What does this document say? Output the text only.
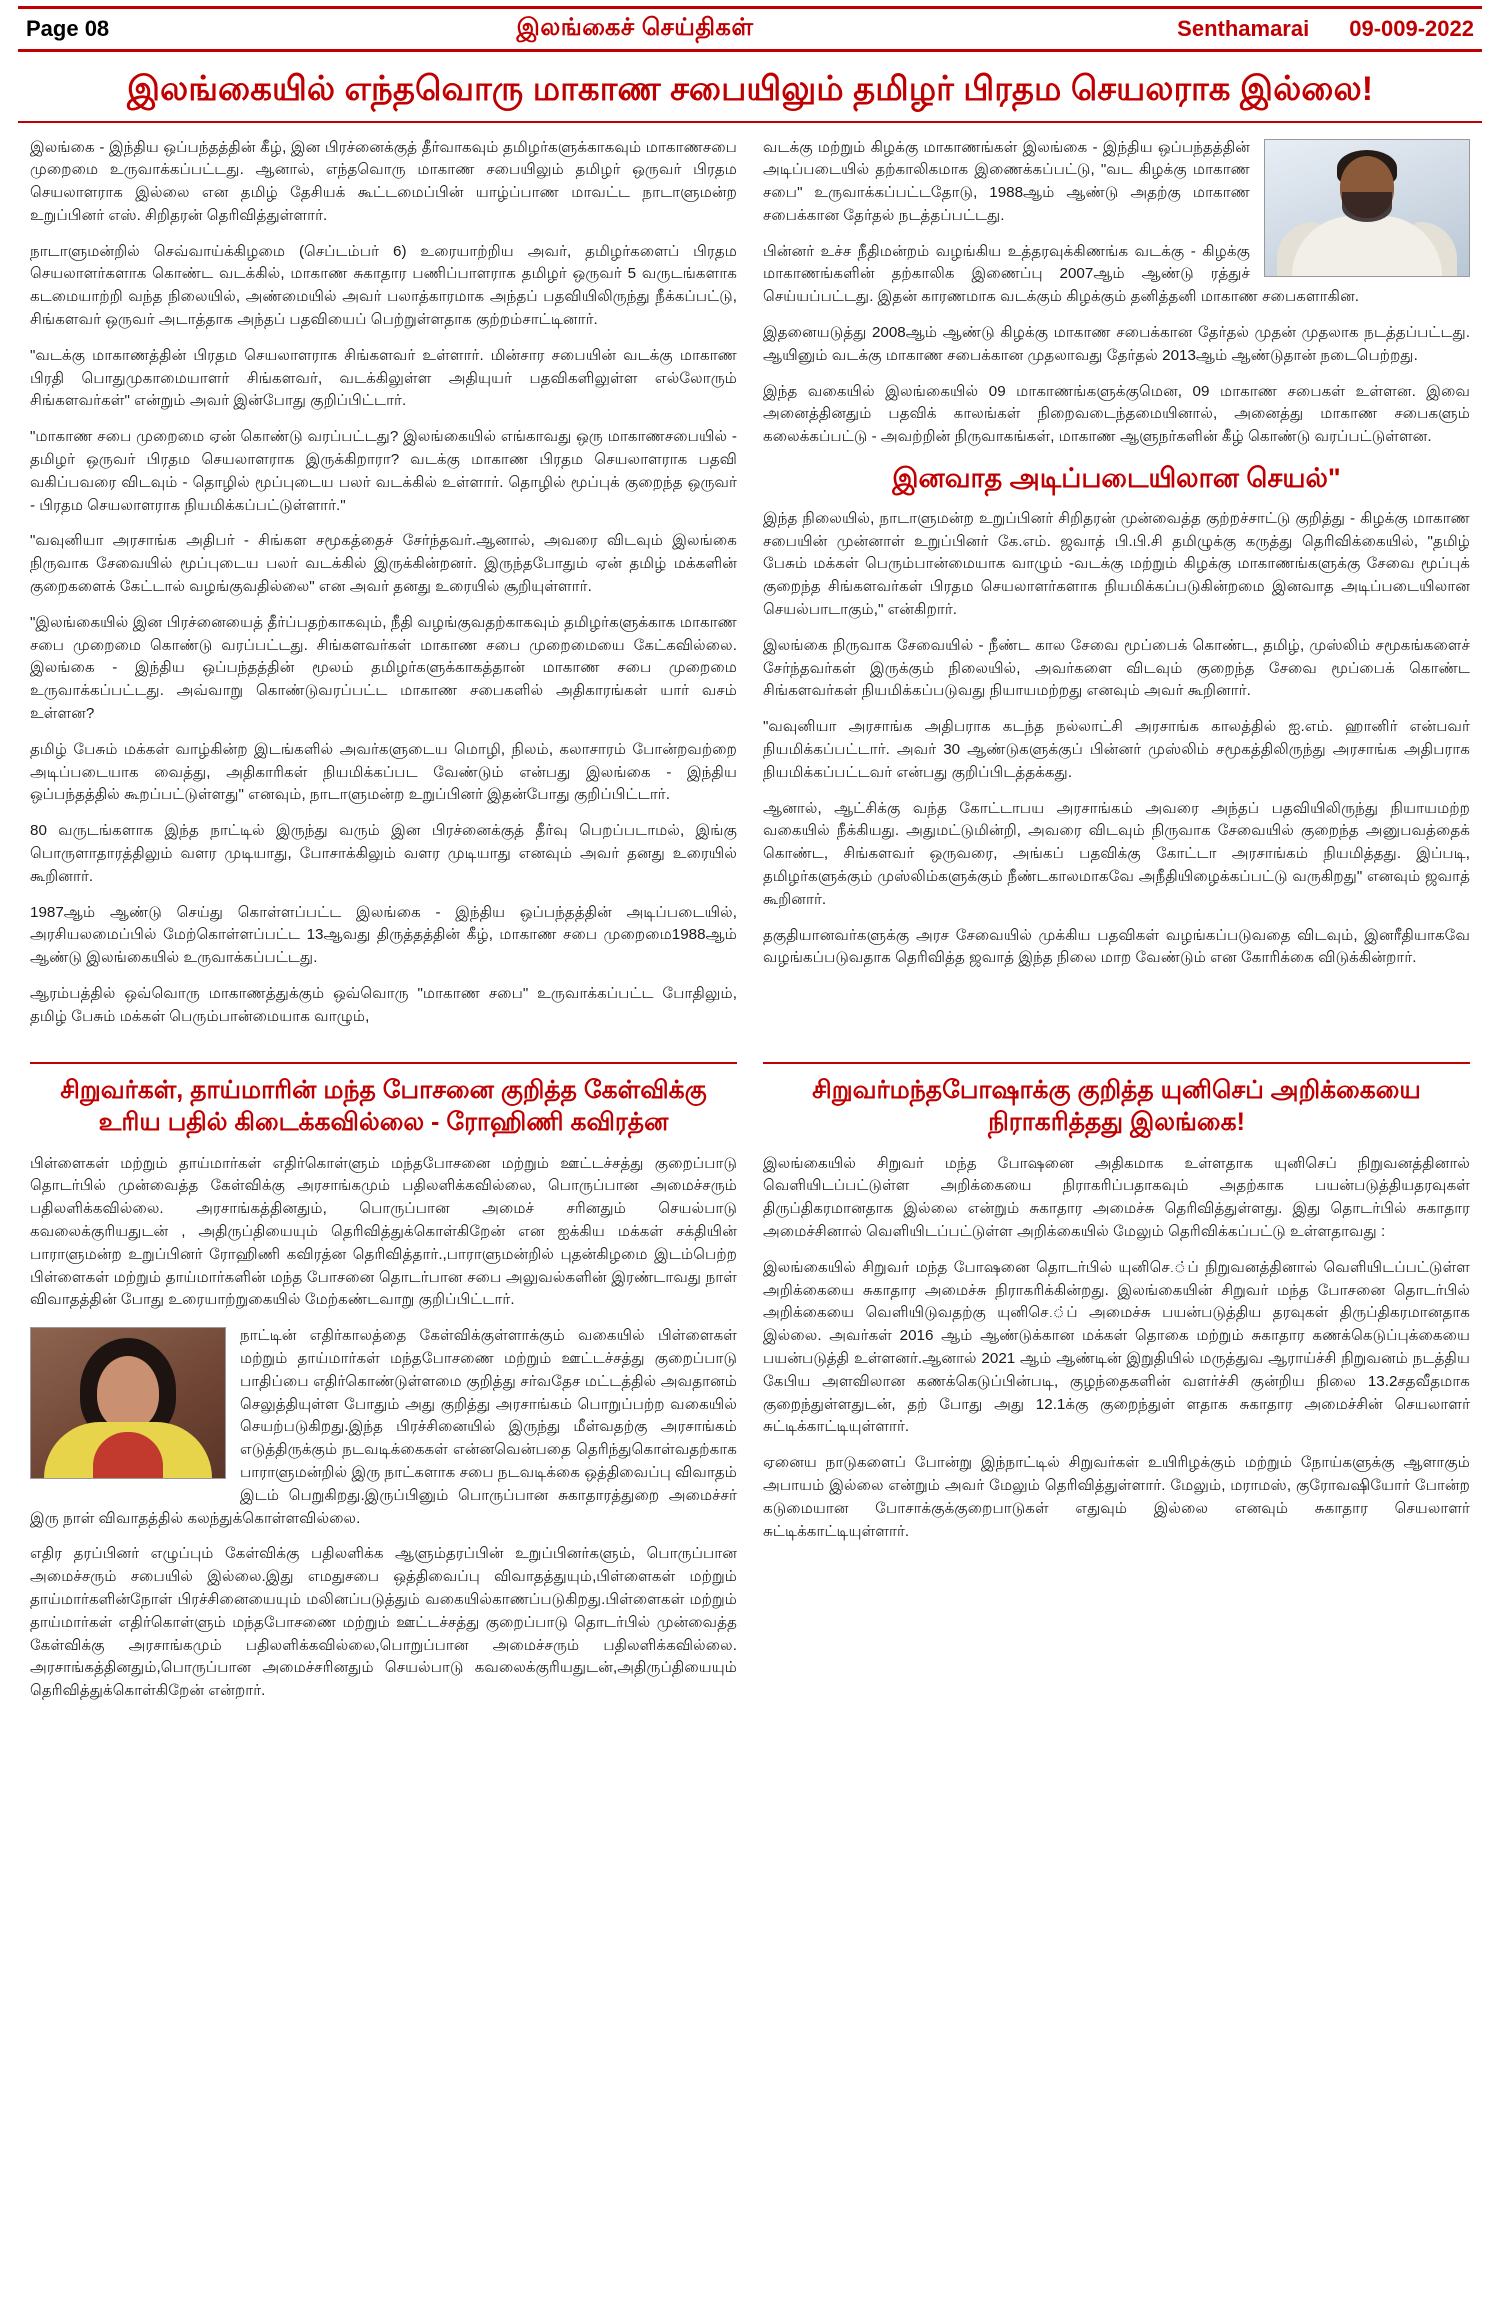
Page 08	இலங்கைச் செய்திகள்	Senthamarai 09-009-2022
இலங்கையில் எந்தவொரு மாகாண சபையிலும் தமிழர் பிரதம செயலராக இல்லை!

இலங்கை - இந்திய ஒப்பந்தத்தின் கீழ், இன பிரச்னைக்குத் தீர்வாகவும் தமிழர்களுக்காகவும் மாகாணசபை முறைமை உருவாக்கப்பட்டது. ஆனால், எந்தவொரு மாகாண சபையிலும் தமிழர் ஒருவர் பிரதம செயலாளராக இல்லை என தமிழ் தேசியக் கூட்டமைப்பின் யாழ்ப்பாண மாவட்ட நாடாளுமன்ற உறுப்பினர் எஸ். சிறிதரன் தெரிவித்துள்ளார்.

நாடாளுமன்றில் செவ்வாய்க்கிழமை (செப்டம்பர் 6) உரையாற்றிய அவர், தமிழர்களைப் பிரதம செயலாளர்களாக கொண்ட வடக்கில், மாகாண சுகாதார பணிப்பாளராக தமிழர் ஒருவர் 5 வருடங்களாக கடமையாற்றி வந்த நிலையில், அண்மையில் அவர் பலாத்காரமாக அந்தப் பதவியிலிருந்து நீக்கப்பட்டு, சிங்களவர் ஒருவர் அடாத்தாக அந்தப் பதவியைப் பெற்றுள்ளதாக குற்றம்சாட்டினார்.

"வடக்கு மாகாணத்தின் பிரதம செயலாளராக சிங்களவர் உள்ளார். மின்சார சபையின் வடக்கு மாகாண பிரதி பொதுமுகாமையாளர் சிங்களவர், வடக்கிலுள்ள அதியுயர் பதவிகளிலுள்ள எல்லோரும் சிங்களவர்கள்" என்றும் அவர் இன்போது குறிப்பிட்டார்.

"மாகாண சபை முறைமை ஏன் கொண்டு வரப்பட்டது? இலங்கையில் எங்காவது ஒரு மாகாணசபையில் - தமிழர் ஒருவர் பிரதம செயலாளராக இருக்கிறாரா? வடக்கு மாகாண பிரதம செயலாளராக பதவி வகிப்பவரை விடவும் - தொழில் மூப்புடைய பலர் வடக்கில் உள்ளார். தொழில் மூப்புக் குறைந்த ஒருவர் - பிரதம செயலாளராக நியமிக்கப்பட்டுள்ளார்."

"வவுனியா அரசாங்க அதிபர் - சிங்கள சமூகத்தைச் சேர்ந்தவர்.ஆனால், அவரை விடவும் இலங்கை நிருவாக சேவையில் மூப்புடைய பலர் வடக்கில் இருக்கின்றனர். இருந்தபோதும் ஏன் தமிழ் மக்களின் குறைகளைக் கேட்டால் வழங்குவதில்லை" என அவர் தனது உரையில் சூறியுள்ளார்.

"இலங்கையில் இன பிரச்னையைத் தீர்ப்பதற்காகவும், நீதி வழங்குவதற்காகவும் தமிழர்களுக்காக மாகாண சபை முறைமை கொண்டு வரப்பட்டது. சிங்களவர்கள் மாகாண சபை முறைமையை கேட்கவில்லை. இலங்கை - இந்திய ஒப்பந்தத்தின் மூலம் தமிழர்களுக்காகத்தான் மாகாண சபை முறைமை உருவாக்கப்பட்டது. அவ்வாறு கொண்டுவரப்பட்ட மாகாண சபைகளில் அதிகாரங்கள் யார் வசம் உள்ளன?

தமிழ் பேசும் மக்கள் வாழ்கின்ற இடங்களில் அவர்களுடைய மொழி, நிலம், கலாசாரம் போன்றவற்றை அடிப்படையாக வைத்து, அதிகாரிகள் நியமிக்கப்பட வேண்டும் என்பது இலங்கை - இந்திய ஒப்பந்தத்தில் கூறப்பட்டுள்ளது" எனவும், நாடாளுமன்ற உறுப்பினர் இதன்போது குறிப்பிட்டார்.

80 வருடங்களாக இந்த நாட்டில் இருந்து வரும் இன பிரச்னைக்குத் தீர்வு பெறப்படாமல், இங்கு பொருளாதாரத்திலும் வளர முடியாது, போசாக்கிலும் வளர முடியாது எனவும் அவர் தனது உரையில் கூறினார்.

1987ஆம் ஆண்டு செய்து கொள்ளப்பட்ட இலங்கை - இந்திய ஒப்பந்தத்தின் அடிப்படையில், அரசியலமைப்பில் மேற்கொள்ளப்பட்ட 13ஆவது திருத்தத்தின் கீழ், மாகாண சபை முறைமை1988ஆம் ஆண்டு இலங்கையில் உருவாக்கப்பட்டது.

ஆரம்பத்தில் ஒவ்வொரு மாகாணத்துக்கும் ஒவ்வொரு "மாகாண சபை" உருவாக்கப்பட்ட போதிலும், தமிழ் பேசும் மக்கள் பெரும்பான்மையாக வாழும்,

வடக்கு மற்றும் கிழக்கு மாகாணங்கள் இலங்கை - இந்திய ஒப்பந்தத்தின் அடிப்படையில் தற்காலிகமாக இணைக்கப்பட்டு, "வட கிழக்கு மாகாண சபை" உருவாக்கப்பட்டதோடு, 1988ஆம் ஆண்டு அதற்கு மாகாண சபைக்கான தேர்தல் நடத்தப்பட்டது.

பின்னர் உச்ச நீதிமன்றம் வழங்கிய உத்தரவுக்கிணங்க வடக்கு - கிழக்கு மாகாணங்களின் தற்காலிக இணைப்பு 2007ஆம் ஆண்டு ரத்துச் செய்யப்பட்டது. இதன் காரணமாக வடக்கும் கிழக்கும் தனித்தனி மாகாண சபைகளாகின.

இதனையடுத்து 2008ஆம் ஆண்டு கிழக்கு மாகாண சபைக்கான தேர்தல் முதன் முதலாக நடத்தப்பட்டது. ஆயினும் வடக்கு மாகாண சபைக்கான முதலாவது தேர்தல் 2013ஆம் ஆண்டுதான் நடைபெற்றது.

இந்த வகையில் இலங்கையில் 09 மாகாணங்களுக்குமென, 09 மாகாண சபைகள் உள்ளன. இவை அனைத்தினதும் பதவிக் காலங்கள் நிறைவடைந்தமையினால், அனைத்து மாகாண சபைகளும் கலைக்கப்பட்டு - அவற்றின் நிருவாகங்கள், மாகாண ஆளுநர்களின் கீழ் கொண்டு வரப்பட்டுள்ளன.

இனவாத அடிப்படையிலான செயல்"

இந்த நிலையில், நாடாளுமன்ற உறுப்பினர் சிறிதரன் முன்வைத்த குற்றச்சாட்டு குறித்து - கிழக்கு மாகாண சபையின் முன்னாள் உறுப்பினர் கே.எம். ஜவாத் பி.பி.சி தமிழுக்கு கருத்து தெரிவிக்கையில், "தமிழ் பேசும் மக்கள் பெரும்பான்மையாக வாழும் -வடக்கு மற்றும் கிழக்கு மாகாணங்களுக்கு சேவை மூப்புக் குறைந்த சிங்களவர்கள் பிரதம செயலாளர்களாக நியமிக்கப்படுகின்றமை இனவாத அடிப்படையிலான செயல்பாடாகும்," என்கிறார்.

இலங்கை நிருவாக சேவையில் - நீண்ட கால சேவை மூப்பைக் கொண்ட, தமிழ், முஸ்லிம் சமூகங்களைச் சேர்ந்தவர்கள் இருக்கும் நிலையில், அவர்களை விடவும் குறைந்த சேவை மூப்பைக் கொண்ட சிங்களவர்கள் நியமிக்கப்படுவது நியாயமற்றது எனவும் அவர் கூறினார்.

"வவுனியா அரசாங்க அதிபராக கடந்த நல்லாட்சி அரசாங்க காலத்தில் ஐ.எம். ஹானிர் என்பவர் நியமிக்கப்பட்டார். அவர் 30 ஆண்டுகளுக்குப் பின்னர் முஸ்லிம் சமூகத்திலிருந்து அரசாங்க அதிபராக நியமிக்கப்பட்டவர் என்பது குறிப்பிடத்தக்கது.

ஆனால், ஆட்சிக்கு வந்த கோட்டாபய அரசாங்கம் அவரை அந்தப் பதவியிலிருந்து நியாயமற்ற வகையில் நீக்கியது. அதுமட்டுமின்றி, அவரை விடவும் நிருவாக சேவையில் குறைந்த அனுபவத்தைக் கொண்ட, சிங்களவர் ஒருவரை, அங்கப் பதவிக்கு கோட்டா அரசாங்கம் நியமித்தது. இப்படி, தமிழர்களுக்கும் முஸ்லிம்களுக்கும் நீண்டகாலமாகவே அநீதியிழைக்கப்பட்டு வருகிறது" எனவும் ஜவாத் கூறினார்.

தகுதியானவர்களுக்கு அரச சேவையில் முக்கிய பதவிகள் வழங்கப்படுவதை விடவும், இனரீதியாகவே வழங்கப்படுவதாக தெரிவித்த ஜவாத் இந்த நிலை மாற வேண்டும் என கோரிக்கை விடுக்கின்றார்.

சிறுவர்கள், தாய்மாரின் மந்த போசனை குறித்த கேள்விக்கு உரிய பதில் கிடைக்கவில்லை - ரோஹிணி கவிரத்ன

பிள்ளைகள் மற்றும் தாய்மார்கள் எதிர்கொள்ளும் மந்தபோசனை மற்றும் ஊட்டச்சத்து குறைப்பாடு தொடர்பில் முன்வைத்த கேள்விக்கு அரசாங்கமும் பதிலளிக்கவில்லை, பொருப்பான அமைச்சரும் பதிலளிக்கவில்லை. அரசாங்கத்தினதும், பொருப்பான அமைச் சரினதும் செயல்பாடு கவலைக்குரியதுடன் , அதிருப்தியையும் தெரிவித்துக்கொள்கிறேன் என ஐக்கிய மக்கள் சக்தியின் பாராளுமன்ற உறுப்பினர் ரோஹிணி கவிரத்ன தெரிவித்தார்.,பாராளுமன்றில் புதன்கிழமை இடம்பெற்ற பிள்ளைகள் மற்றும் தாய்மார்களின் மந்த போசனை தொடர்பான சபை அலுவல்களின் இரண்டாவது நாள் விவாதத்தின் போது உரையாற்றுகையில் மேற்கண்டவாறு குறிப்பிட்டார்.

நாட்டின் எதிர்காலத்தை கேள்விக்குள்ளாக்கும் வகையில் பிள்ளைகள் மற்றும் தாய்மார்கள் மந்தபோசணை மற்றும் ஊட்டச்சத்து குறைப்பாடு பாதிப்பை எதிர்கொண்டுள்ளமை குறித்து சர்வதேச மட்டத்தில் அவதானம் செலுத்தியுள்ள போதும் அது குறித்து அரசாங்கம் பொறுப்பற்ற வகையில் செயற்படுகிறது.இந்த பிரச்சினையில் இருந்து மீள்வதற்கு அரசாங்கம் எடுத்திருக்கும் நடவடிக்கைகள் என்னவென்பதை தெரிந்துகொள்வதற்காக பாராளுமன்றில் இரு நாட்களாக சபை நடவடிக்கை ஒத்திவைப்பு விவாதம் இடம் பெறுகிறது.இருப்பினும் பொருப்பான சுகாதாரத்துறை அமைச்சர் இரு நாள் விவாதத்தில் கலந்துக்கொள்ளவில்லை.

எதிர தரப்பினர் எழுப்பும் கேள்விக்கு பதிலளிக்க ஆளும்தரப்பின் உறுப்பினர்களும், பொருப்பான அமைச்சரும் சபையில் இல்லை.இது எமதுசபை ஒத்திவைப்பு விவாதத்துயும்,பிள்ளைகள் மற்றும் தாய்மார்களின்நோள் பிரச்சினையையும் மலினப்படுத்தும் வகையில்காணப்படுகிறது.பிள்ளைகள் மற்றும் தாய்மார்கள் எதிர்கொள்ளும் மந்தபோசணை மற்றும் ஊட்டச்சத்து குறைப்பாடு தொடர்பில் முன்வைத்த கேள்விக்கு அரசாங்கமும் பதிலளிக்கவில்லை,பொறுப்பான அமைச்சரும் பதிலளிக்கவில்லை. அரசாங்கத்தினதும்,பொருப்பான அமைச்சரினதும் செயல்பாடு கவலைக்குரியதுடன்,அதிருப்தியையும் தெரிவித்துக்கொள்கிறேன் என்றார்.

சிறுவர்மந்தபோஷாக்கு குறித்த யுனிசெப் அறிக்கையை நிராகரித்தது இலங்கை!

இலங்கையில் சிறுவர் மந்த போஷனை அதிகமாக உள்ளதாக யுனிசெப் நிறுவனத்தினால் வெளியிடப்பட்டுள்ள அறிக்கையை நிராகரிப்பதாகவும் அதற்காக பயன்படுத்தியதரவுகள் திருப்திகரமானதாக இல்லை என்றும் சுகாதார அமைச்சு தெரிவித்துள்ளது. இது தொடர்பில் சுகாதார அமைச்சினால் வெளியிடப்பட்டுள்ள அறிக்கையில் மேலும் தெரிவிக்கப்பட்டு உள்ளதாவது :

இலங்கையில் சிறுவர் மந்த போஷனை தொடர்பில் யுனிசெ.்ப் நிறுவனத்தினால் வெளியிடப்பட்டுள்ள அறிக்கையை சுகாதார அமைச்சு நிராகரிக்கின்றது. இலங்கையின் சிறுவர் மந்த போசனை தொடர்பில் அறிக்கையை வெளியிடுவதற்கு யுனிசெ.்ப் அமைச்சு பயன்படுத்திய தரவுகள் திருப்திகரமானதாக இல்லை. அவர்கள் 2016 ஆம் ஆண்டுக்கான மக்கள் தொகை மற்றும் சுகாதார கணக்கெடுப்புக்கையை பயன்படுத்தி உள்ளனர்.ஆனால் 2021 ஆம் ஆண்டின் இறுதியில் மருத்துவ ஆராய்ச்சி நிறுவனம் நடத்திய கேபிய அளவிலான கணக்கெடுப்பின்படி, குழந்தைகளின் வளர்ச்சி குன்றிய நிலை 13.2சதவீதமாக குறைந்துள்ளதுடன், தற் போது அது 12.1க்கு குறைந்துள் ளதாக சுகாதார அமைச்சின் செயலாளர் சுட்டிக்காட்டியுள்ளார்.

ஏனைய நாடுகளைப் போன்று இந்நாட்டில் சிறுவர்கள் உயிரிழக்கும் மற்றும் நோய்களுக்கு ஆளாகும் அபாயம் இல்லை என்றும் அவர் மேலும் தெரிவித்துள்ளார். மேலும், மராமஸ், குரோவஷியோர் போன்ற கடுமையான போசாக்குக்குறைபாடுகள் எதுவும் இல்லை எனவும் சுகாதார செயலாளர் சுட்டிக்காட்டியுள்ளார்.
